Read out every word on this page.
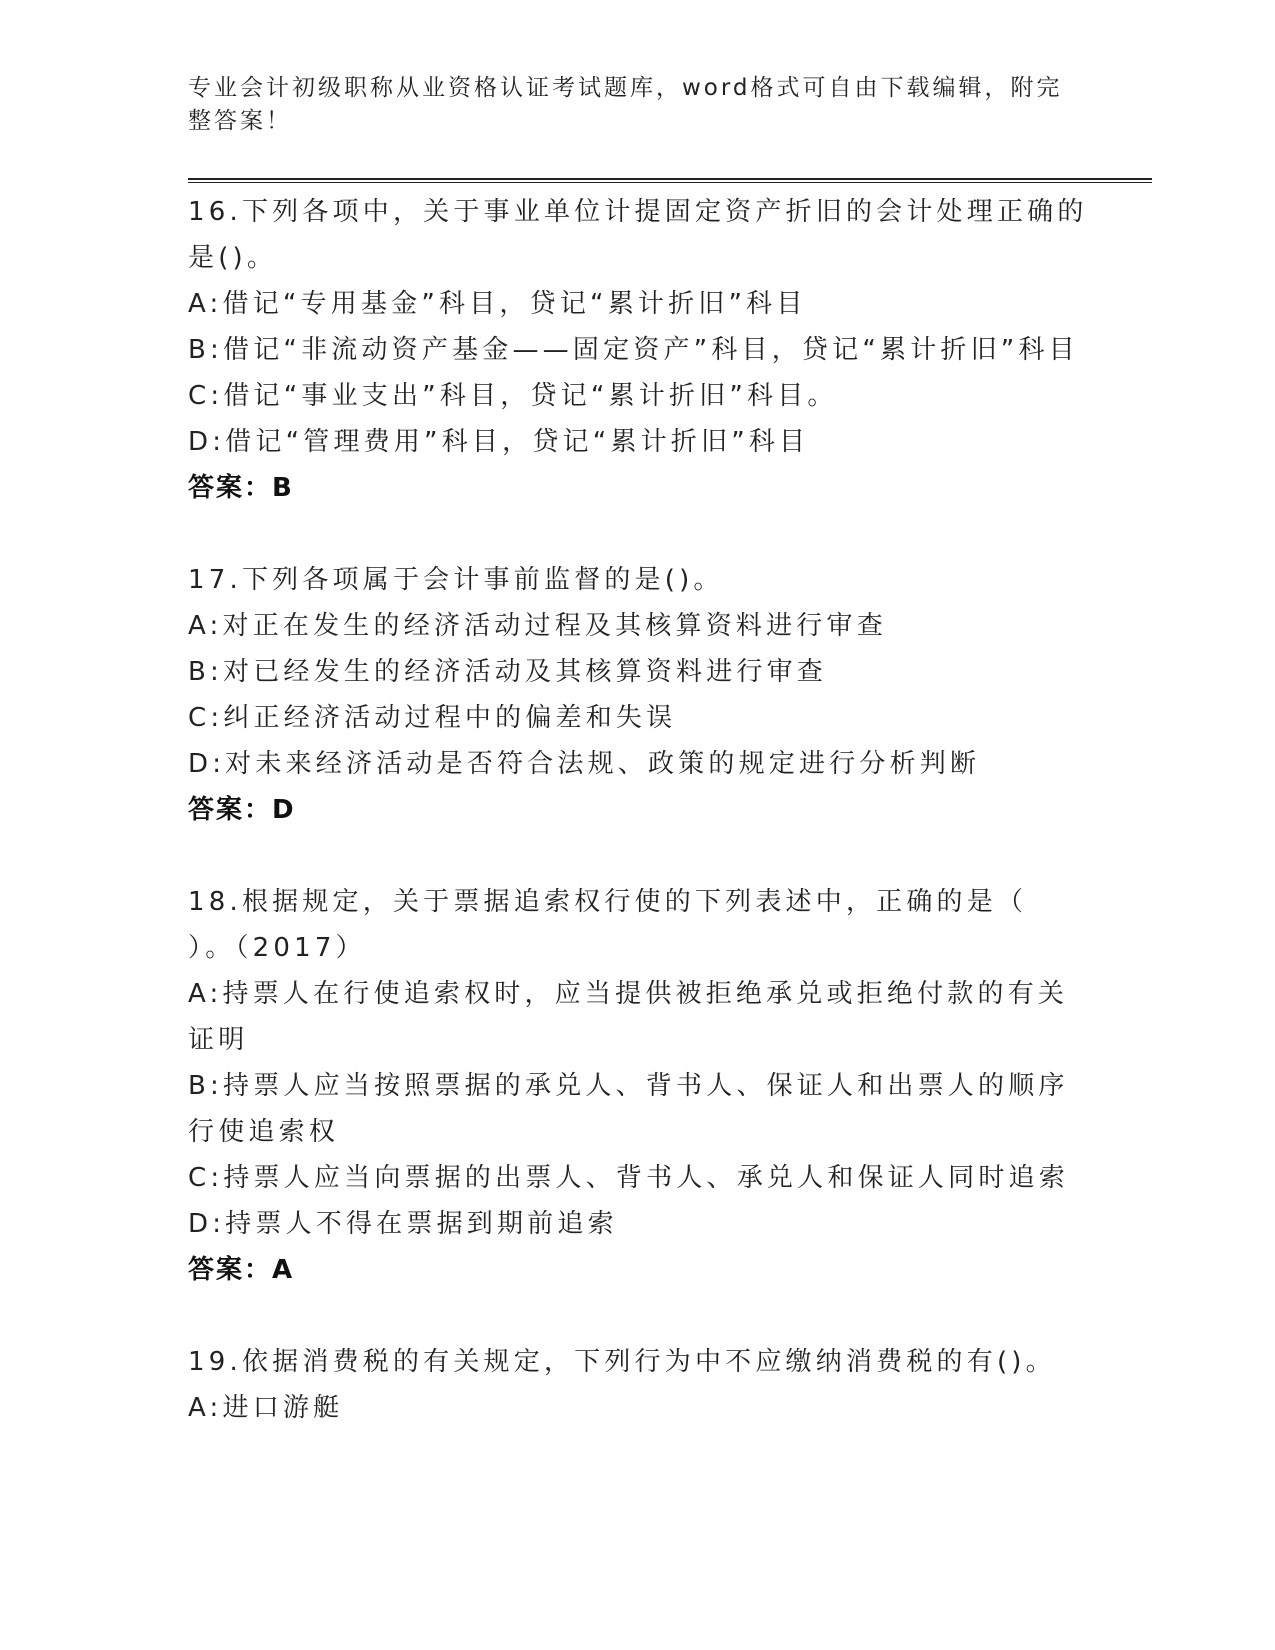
专业会计初级职称从业资格认证考试题库，word格式可自由下载编辑，附完整答案！
16.下列各项中，关于事业单位计提固定资产折旧的会计处理正确的是()。
A:借记“专用基金”科目，贷记“累计折旧”科目
B:借记“非流动资产基金——固定资产”科目，贷记“累计折旧”科目
C:借记“事业支出”科目，贷记“累计折旧”科目。
D:借记“管理费用”科目，贷记“累计折旧”科目
答案：B
17.下列各项属于会计事前监督的是()。
A:对正在发生的经济活动过程及其核算资料进行审查
B:对已经发生的经济活动及其核算资料进行审查
C:纠正经济活动过程中的偏差和失误
D:对未来经济活动是否符合法规、政策的规定进行分析判断
答案：D
18.根据规定，关于票据追索权行使的下列表述中，正确的是（　　）。（2017）
A:持票人在行使追索权时，应当提供被拒绝承兑或拒绝付款的有关证明
B:持票人应当按照票据的承兑人、背书人、保证人和出票人的顺序行使追索权
C:持票人应当向票据的出票人、背书人、承兑人和保证人同时追索
D:持票人不得在票据到期前追索
答案：A
19.依据消费税的有关规定，下列行为中不应缴纳消费税的有()。
A:进口游艇
